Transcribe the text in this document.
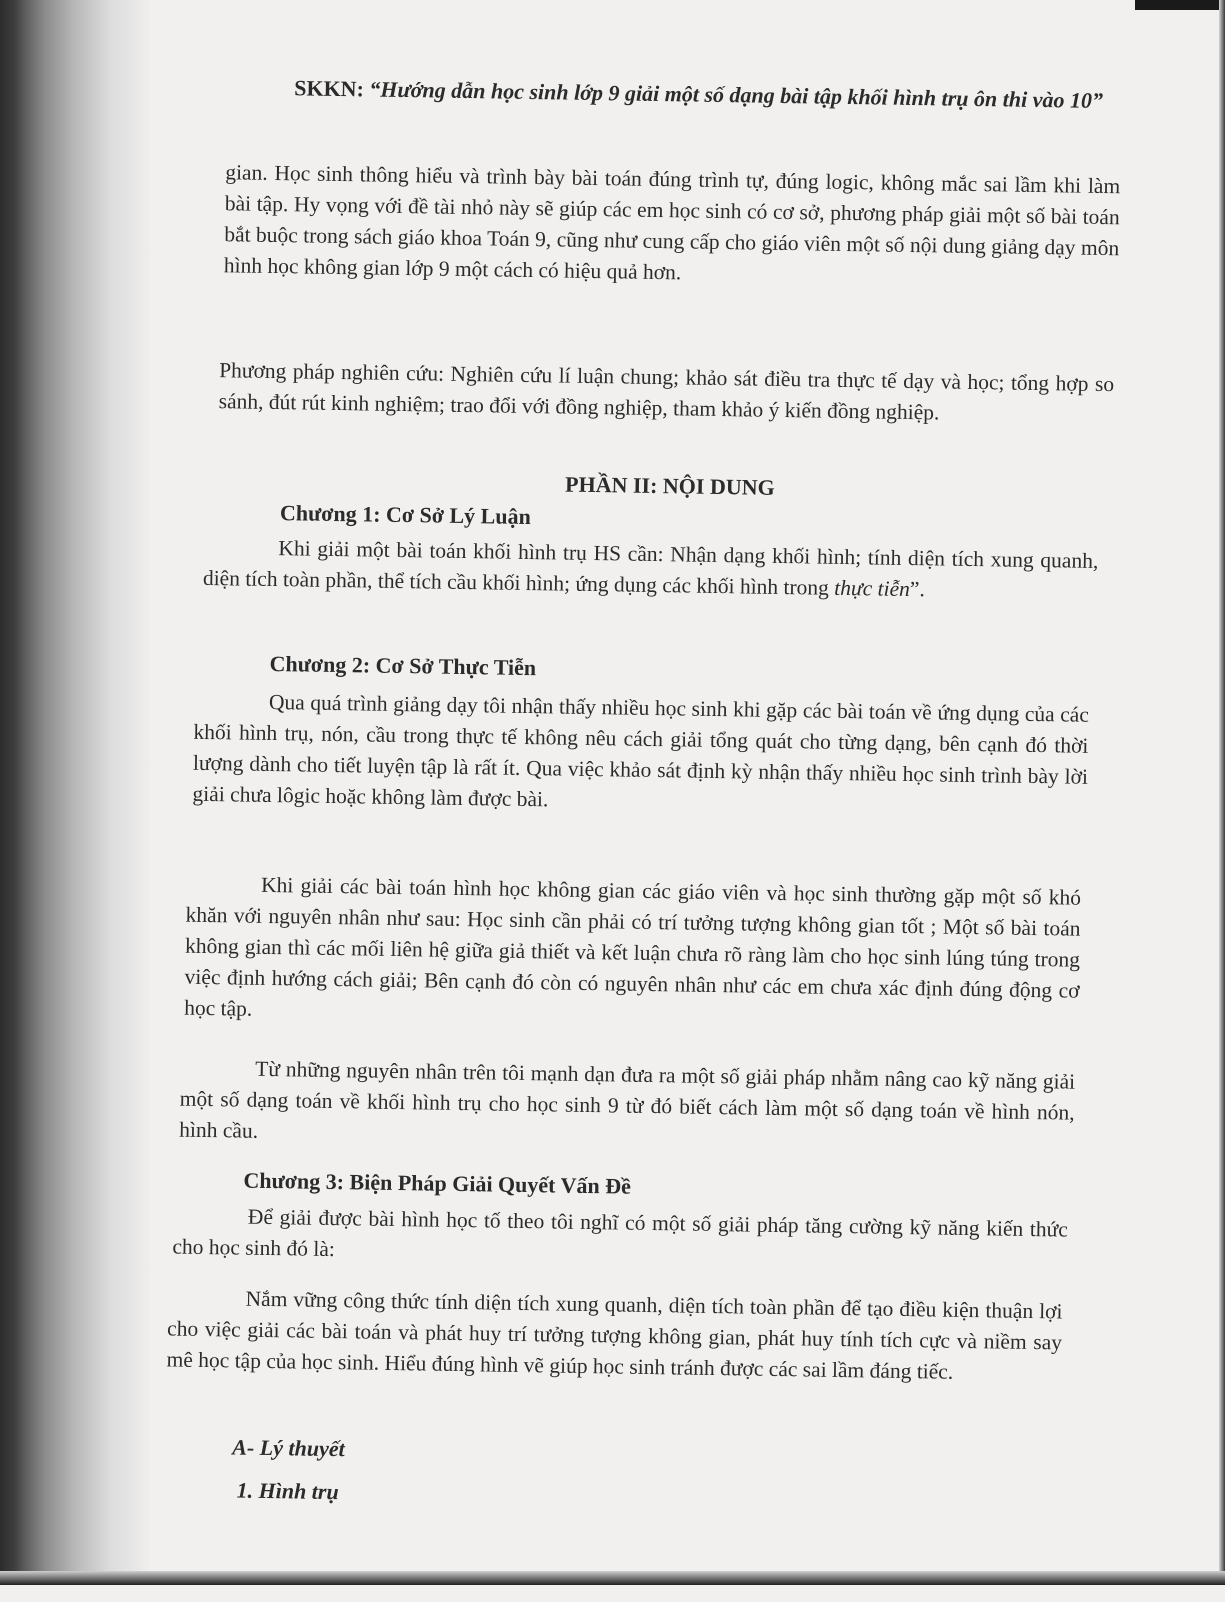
SKKN: “Hướng dẫn học sinh lớp 9 giải một số dạng bài tập khối hình trụ ôn thi vào 10”

gian. Học sinh thông hiểu và trình bày bài toán đúng trình tự, đúng logic, không mắc sai lầm khi làm bài tập. Hy vọng với đề tài nhỏ này sẽ giúp các em học sinh có cơ sở, phương pháp giải một số bài toán bắt buộc trong sách giáo khoa Toán 9, cũng như cung cấp cho giáo viên một số nội dung giảng dạy môn hình học không gian lớp 9 một cách có hiệu quả hơn.

Phương pháp nghiên cứu: Nghiên cứu lí luận chung; khảo sát điều tra thực tế dạy và học; tổng hợp so sánh, đút rút kinh nghiệm; trao đổi với đồng nghiệp, tham khảo ý kiến đồng nghiệp.

PHẦN II: NỘI DUNG
Chương 1: Cơ Sở Lý Luận

Khi giải một bài toán khối hình trụ HS cần: Nhận dạng khối hình; tính diện tích xung quanh, diện tích toàn phần, thể tích cầu khối hình; ứng dụng các khối hình trong thực tiễn”.

Chương 2: Cơ Sở Thực Tiễn

Qua quá trình giảng dạy tôi nhận thấy nhiều học sinh khi gặp các bài toán về ứng dụng của các khối hình trụ, nón, cầu trong thực tế không nêu cách giải tổng quát cho từng dạng, bên cạnh đó thời lượng dành cho tiết luyện tập là rất ít. Qua việc khảo sát định kỳ nhận thấy nhiều học sinh trình bày lời giải chưa lôgic hoặc không làm được bài.

Khi giải các bài toán hình học không gian các giáo viên và học sinh thường gặp một số khó khăn với nguyên nhân như sau: Học sinh cần phải có trí tưởng tượng không gian tốt ; Một số bài toán không gian thì các mối liên hệ giữa giả thiết và kết luận chưa rõ ràng làm cho học sinh lúng túng trong việc định hướng cách giải; Bên cạnh đó còn có nguyên nhân như các em chưa xác định đúng động cơ học tập.

Từ những nguyên nhân trên tôi mạnh dạn đưa ra một số giải pháp nhằm nâng cao kỹ năng giải một số dạng toán về khối hình trụ cho học sinh 9 từ đó biết cách làm một số dạng toán về hình nón, hình cầu.

Chương 3: Biện Pháp Giải Quyết Vấn Đề

Để giải được bài hình học tố theo tôi nghĩ có một số giải pháp tăng cường kỹ năng kiến thức cho học sinh đó là:

Nắm vững công thức tính diện tích xung quanh, diện tích toàn phần để tạo điều kiện thuận lợi cho việc giải các bài toán và phát huy trí tưởng tượng không gian, phát huy tính tích cực và niềm say mê học tập của học sinh. Hiểu đúng hình vẽ giúp học sinh tránh được các sai lầm đáng tiếc.

A- Lý thuyết
1. Hình trụ
